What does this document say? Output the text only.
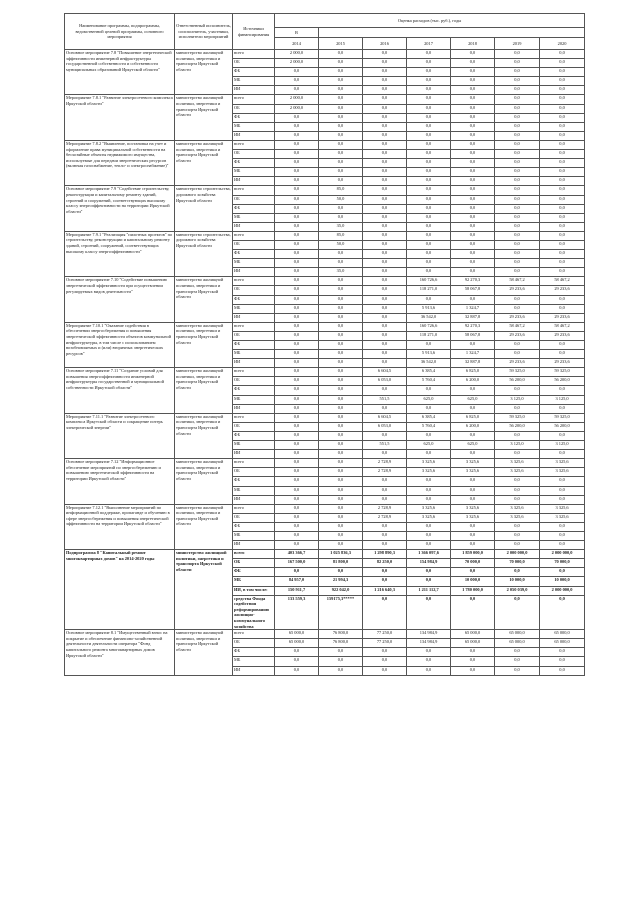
Наименование программы, подпрограммы, ведомственной целевой программы, основного мероприятия	Ответственный исполнитель, соисполнитель, участники, исполнители мероприятий	Источники финансирования	Оценка расходов (тыс. руб.), годы						
			В						
			2014	2015	2016	2017	2018	2019	2020
Основное мероприятие 7.8 "Повышение энергетической эффективности инженерной инфраструктуры государственной собственности и собственности муниципальных образований Иркутской области"	министерство жилищной политики, энергетики и транспорта Иркутской области	всего	2 000,0	0,0	0,0	0,0	0,0	0,0	0,0
		ОБ	2 000,0	0,0	0,0	0,0	0,0	0,0	0,0
		ФБ	0,0	0,0	0,0	0,0	0,0	0,0	0,0
		МБ	0,0	0,0	0,0	0,0	0,0	0,0	0,0
		ИИ	0,0	0,0	0,0	0,0	0,0	0,0	0,0
Мероприятие 7.8.1 "Развитие электросетевого комплекса Иркутской области"	министерство жилищной политики, энергетики и транспорта Иркутской области	всего	2 000,0	0,0	0,0	0,0	0,0	0,0	0,0
		ОБ	2 000,0	0,0	0,0	0,0	0,0	0,0	0,0
		ФБ	0,0	0,0	0,0	0,0	0,0	0,0	0,0
		МБ	0,0	0,0	0,0	0,0	0,0	0,0	0,0
		ИИ	0,0	0,0	0,0	0,0	0,0	0,0	0,0
Мероприятие 7.8.2 "Выявление, постановка на учет и оформление права муниципальной собственности на бесхозяйные объекты недвижимого имущества, используемые для передачи энергетических ресурсов (включая газоснабжение, тепло- и электроснабжение)"	министерство жилищной политики, энергетики и транспорта Иркутской области	всего	0,0	0,0	0,0	0,0	0,0	0,0	0,0
		ОБ	0,0	0,0	0,0	0,0	0,0	0,0	0,0
		ФБ	0,0	0,0	0,0	0,0	0,0	0,0	0,0
		МБ	0,0	0,0	0,0	0,0	0,0	0,0	0,0
		ИИ	0,0	0,0	0,0	0,0	0,0	0,0	0,0
Основное мероприятие 7.9 "Содействие строительству, реконструкции и капитальному ремонту зданий, строений и сооружений, соответствующих высокому классу энергоэффективности на территории Иркутской области"	министерство строительства, дорожного хозяйства Иркутской области	всего	0,0	85,0	0,0	0,0	0,0	0,0	0,0
		ОБ	0,0	50,0	0,0	0,0	0,0	0,0	0,0
		ФБ	0,0	0,0	0,0	0,0	0,0	0,0	0,0
		МБ	0,0	0,0	0,0	0,0	0,0	0,0	0,0
		ИИ	0,0	35,0	0,0	0,0	0,0	0,0	0,0
Мероприятие 7.9.1 "Реализация "пилотных проектов" по строительству, реконструкции и капитальному ремонту зданий, строений, сооружений, соответствующих высокому классу энергоэффективности"	министерство строительства, дорожного хозяйства Иркутской области	всего	0,0	85,0	0,0	0,0	0,0	0,0	0,0
		ОБ	0,0	50,0	0,0	0,0	0,0	0,0	0,0
		ФБ	0,0	0,0	0,0	0,0	0,0	0,0	0,0
		МБ	0,0	0,0	0,0	0,0	0,0	0,0	0,0
		ИИ	0,0	35,0	0,0	0,0	0,0	0,0	0,0
Основное мероприятие 7.10 "Содействие повышению энергетической эффективности при осуществлении регулируемых видов деятельности"	министерство жилищной политики, энергетики и транспорта Иркутской области	всего	0,0	0,0	0,0	160 726,6	92 270,3	58 467,2	58 467,2
		ОБ	0,0	0,0	0,0	118 271,0	58 067,8	29 233,6	29 233,6
		ФБ	0,0	0,0	0,0	0,0	0,0	0,0	0,0
		МБ	0,0	0,0	0,0	5 913,6	1 324,7	0,0	0,0
		ИИ	0,0	0,0	0,0	36 542,0	32 887,8	29 233,6	29 233,6
Мероприятие 7.10.1 "Оказание содействия в обеспечении энергосбережения и повышения энергетической эффективности объектов коммунальной инфраструктуры, в том числе с использованием возобновляемых и (или) вторичных энергетических ресурсов"	министерство жилищной политики, энергетики и транспорта Иркутской области	всего	0,0	0,0	0,0	160 726,6	92 270,3	58 467,2	58 467,2
		ОБ	0,0	0,0	0,0	118 271,0	58 067,8	29 233,6	29 233,6
		ФБ	0,0	0,0	0,0	0,0	0,0	0,0	0,0
		МБ	0,0	0,0	0,0	5 913,6	1 324,7	0,0	0,0
		ИИ	0,0	0,0	0,0	36 542,0	32 887,8	29 233,6	29 233,6
Основное мероприятие 7.11 "Создание условий для повышения энергоэффективности инженерной инфраструктуры государственной и муниципальной собственности Иркутской области"	министерство жилищной политики, энергетики и транспорта Иркутской области	всего	0,0	0,0	6 604,5	6 385,4	6 825,0	59 325,0	59 325,0
		ОБ	0,0	0,0	6 053,0	5 760,4	6 200,0	56 200,0	56 200,0
		ФБ	0,0	0,0	0,0	0,0	0,0	0,0	0,0
		МБ	0,0	0,0	551,5	625,0	625,0	3 125,0	3 125,0
		ИИ	0,0	0,0	0,0	0,0	0,0	0,0	0,0
Мероприятие 7.11.1 "Развитие электросетевого комплекса Иркутской области и сокращение потерь электрической энергии"	министерство жилищной политики, энергетики и транспорта Иркутской области	всего	0,0	0,0	6 604,5	6 385,4	6 825,0	59 325,0	59 325,0
		ОБ	0,0	0,0	6 053,0	5 760,4	6 200,0	56 200,0	56 200,0
		ФБ	0,0	0,0	0,0	0,0	0,0	0,0	0,0
		МБ	0,0	0,0	551,5	625,0	625,0	3 125,0	3 125,0
		ИИ	0,0	0,0	0,0	0,0	0,0	0,0	0,0
Основное мероприятие 7.12 "Информационное обеспечение мероприятий по энергосбережению и повышению энергетической эффективности на территории Иркутской области"	министерство жилищной политики, энергетики и транспорта Иркутской области	всего	0,0	0,0	2 728,9	3 325,6	3 325,6	3 325,6	3 325,6
		ОБ	0,0	0,0	2 728,9	3 325,6	3 325,6	3 325,6	3 325,6
		ФБ	0,0	0,0	0,0	0,0	0,0	0,0	0,0
		МБ	0,0	0,0	0,0	0,0	0,0	0,0	0,0
		ИИ	0,0	0,0	0,0	0,0	0,0	0,0	0,0
Мероприятие 7.12.1 "Выполнение мероприятий по информационной поддержке, пропаганде и обучению в сфере энергосбережения и повышения энергетической эффективности на территории Иркутской области"	министерство жилищной политики, энергетики и транспорта Иркутской области	всего	0,0	0,0	2 728,9	3 325,6	3 325,6	3 325,6	3 325,6
		ОБ	0,0	0,0	2 728,9	3 325,6	3 325,6	3 325,6	3 325,6
		ФБ	0,0	0,0	0,0	0,0	0,0	0,0	0,0
		МБ	0,0	0,0	0,0	0,0	0,0	0,0	0,0
		ИИ	0,0	0,0	0,0	0,0	0,0	0,0	0,0
Подпрограмма 8 "Капитальный ремонт многоквартирных домов" на 2014-2020 годы	министерство жилищной политики, энергетики и транспорта Иркутской области	всего	403 366,7	1 025 836,3	1 298 890,3	1 366 097,6	1 859 000,0	2 000 000,0	2 000 000,0
		ОБ	167 500,0	81 800,0	82 250,0	154 984,9	70 000,0	70 000,0	70 000,0
		ФБ	0,0	0,0	0,0	0,0	0,0	0,0	0,0
		МБ	84 957,0	21 994,3	0,0	0,0	10 000,0	10 000,0	10 000,0
		ИИ, в том числе:	150 911,7	922 042,0	1 216 640,3	1 211 112,7	1 780 000,0	2 050 039,0	2 000 000,0
		средства Фонда содействия реформированию жилищно-коммунального хозяйства	133 559,3	159175,3*****	0,0	0,0	0,0	0,0	0,0
Основное мероприятие 8.1 "Имущественный взнос на покрытие и обеспечение финансово-хозяйственной деятельности деятельности оператора "Фонд капитального ремонта многоквартирных домов Иркутской области"	министерство жилищной политики, энергетики и транспорта Иркутской области	всего	65 000,0	76 800,0	77 250,0	134 984,9	65 000,0	65 000,0	65 000,0
		ОБ	65 000,0	76 800,0	77 250,0	134 984,9	65 000,0	65 000,0	65 000,0
		ФБ	0,0	0,0	0,0	0,0	0,0	0,0	0,0
		МБ	0,0	0,0	0,0	0,0	0,0	0,0	0,0
		ИИ	0,0	0,0	0,0	0,0	0,0	0,0	0,0
